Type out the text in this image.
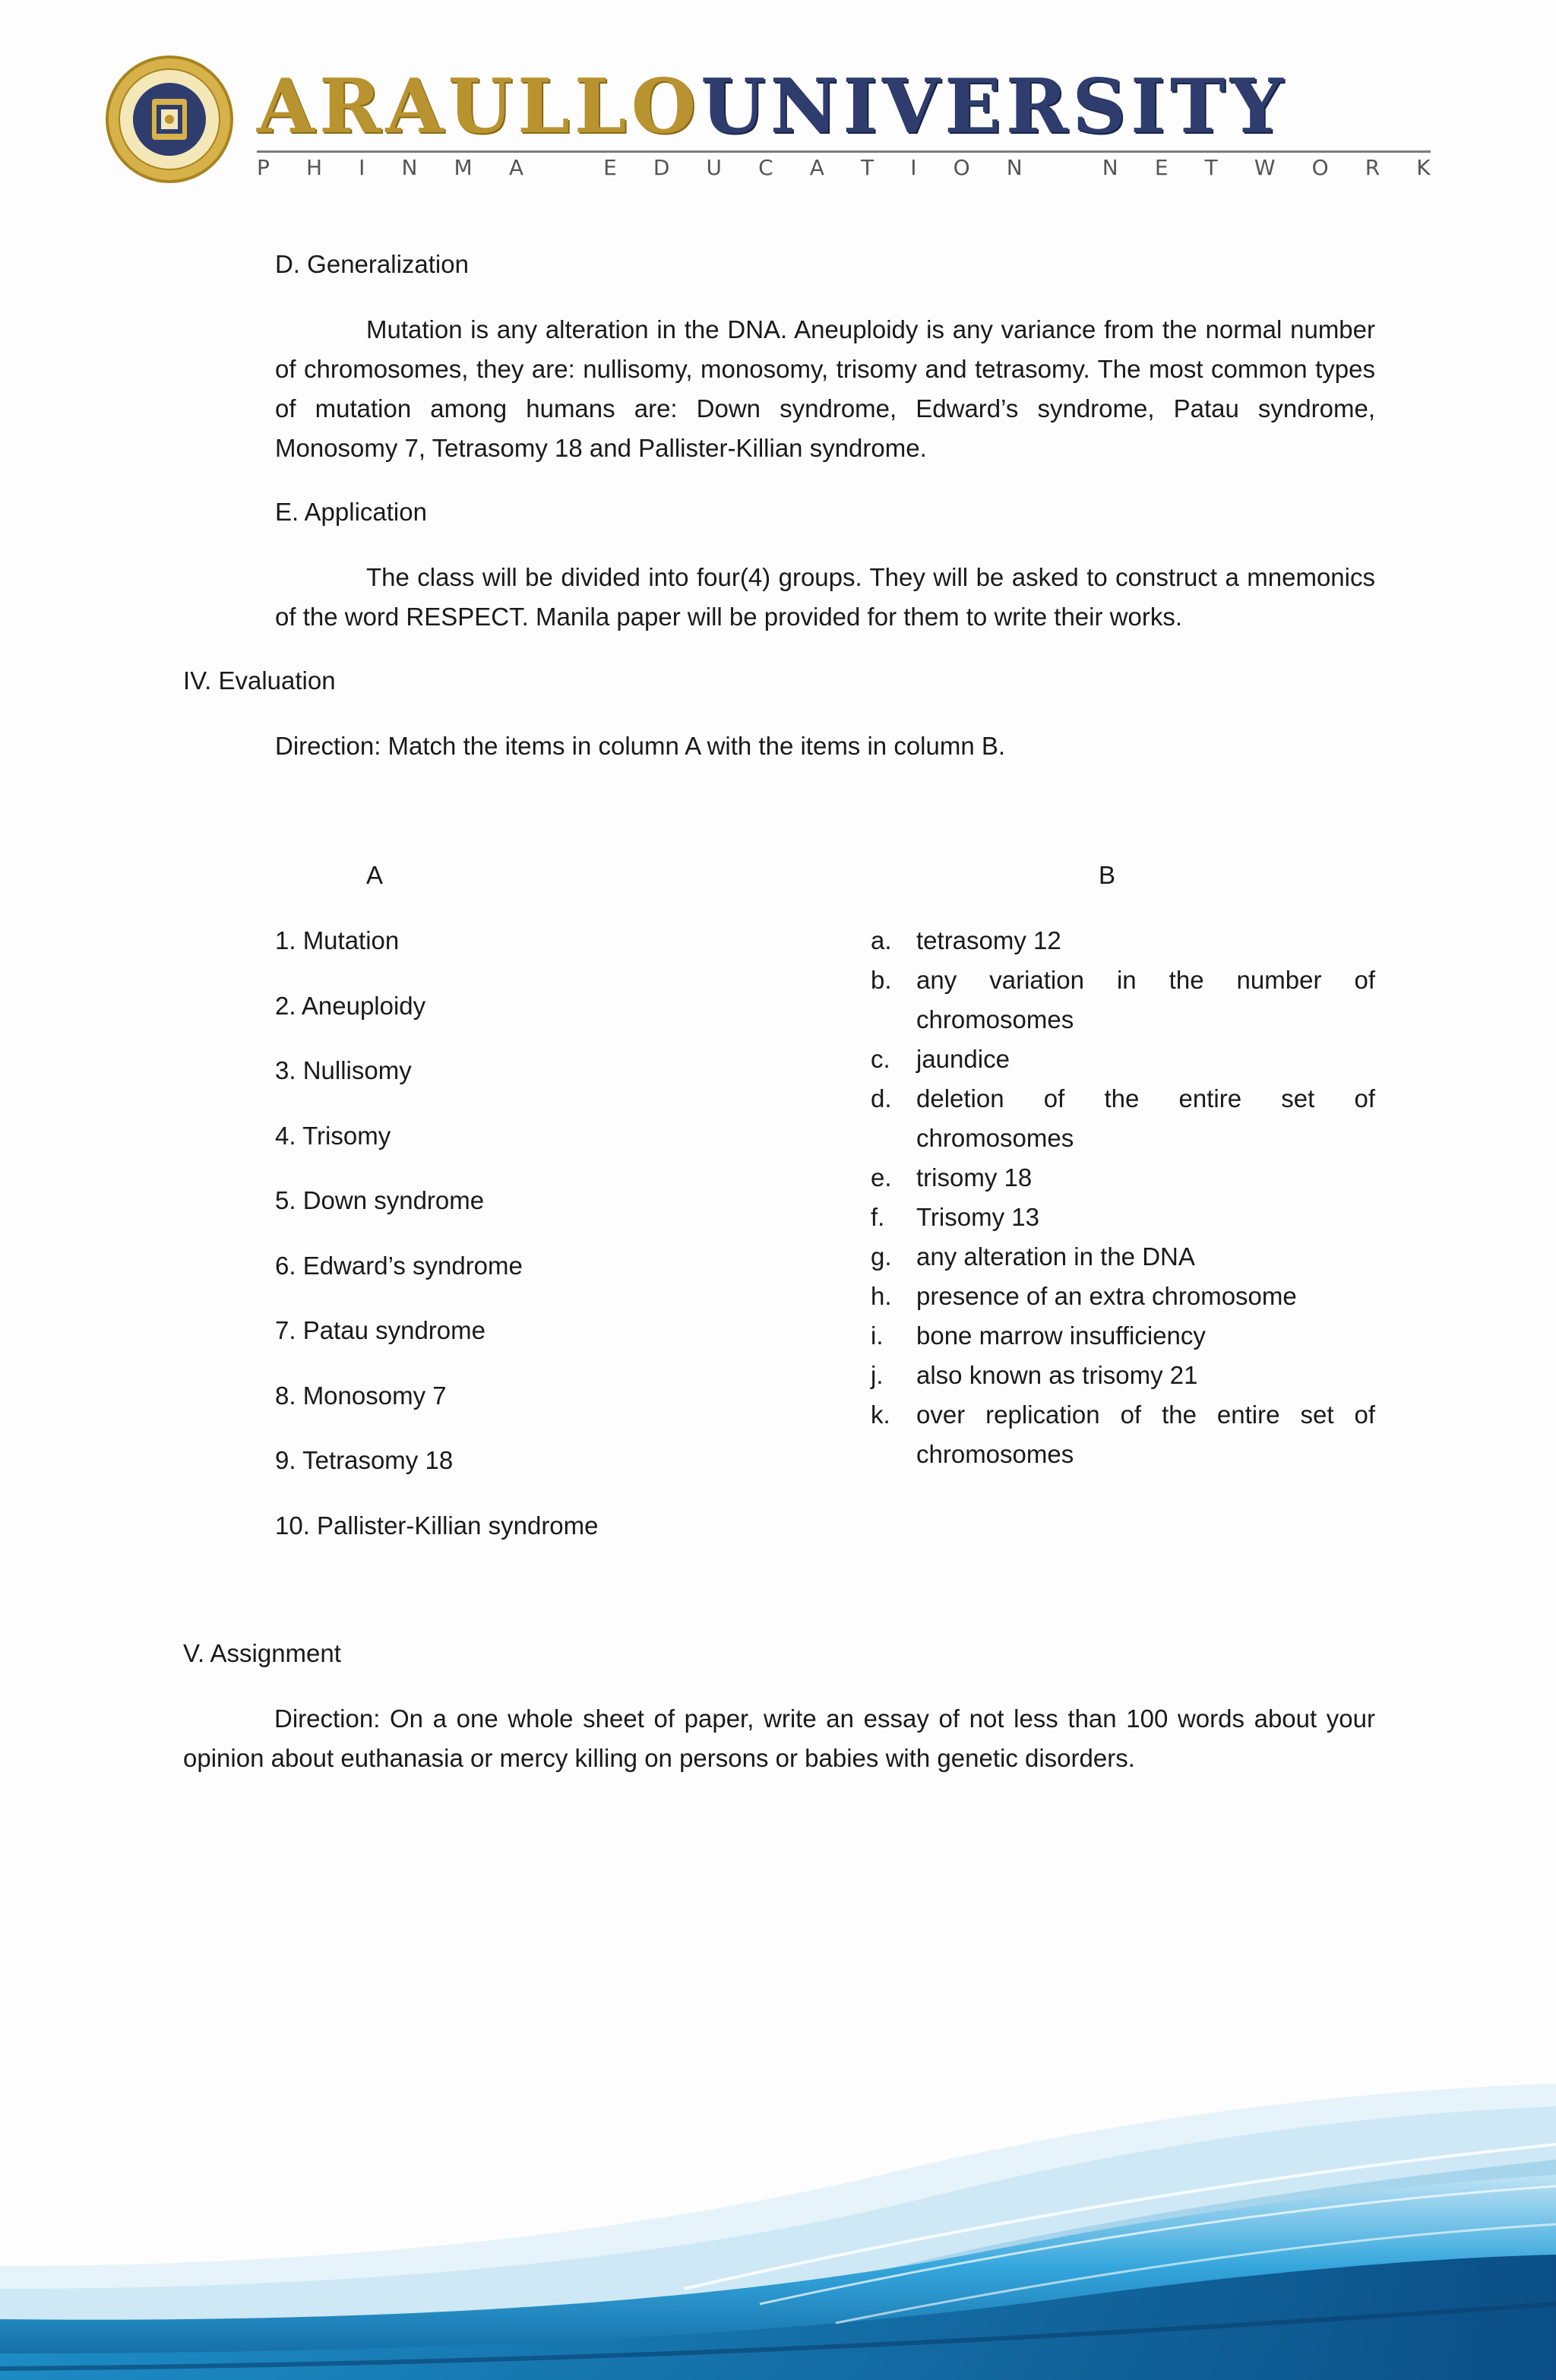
ARAULLOUNIVERSITY
P H I N M A
	E D U C A T I O N
	N E T W O R K
D. Generalization
Mutation is any alteration in the DNA. Aneuploidy is any variance from the normal number of chromosomes, they are: nullisomy, monosomy, trisomy and tetrasomy. The most common types of mutation among humans are: Down syndrome, Edward’s syndrome, Patau syndrome, Monosomy 7, Tetrasomy 18 and Pallister-Killian syndrome.
E. Application
The class will be divided into four(4) groups. They will be asked to construct a mnemonics of the word RESPECT. Manila paper will be provided for them to write their works.
IV. Evaluation
Direction: Match the items in column A with the items in column B.
A	B
1. Mutation
2. Aneuploidy
3. Nullisomy
4. Trisomy
5. Down syndrome
6. Edward’s syndrome
7. Patau syndrome
8. Monosomy 7
9. Tetrasomy 18
10. Pallister-Killian syndrome
a. tetrasomy 12
b. any variation in the number of chromosomes
c.	jaundice
d. deletion of the entire set of chromosomes
e. trisomy 18
f.	Trisomy 13
g. any alteration in the DNA
h. presence of an extra chromosome
i.	bone marrow insufficiency
j.	also known as trisomy 21
k.	over replication of the entire set of chromosomes
V. Assignment
Direction: On a one whole sheet of paper, write an essay of not less than 100 words about your opinion about euthanasia or mercy killing on persons or babies with genetic disorders.
